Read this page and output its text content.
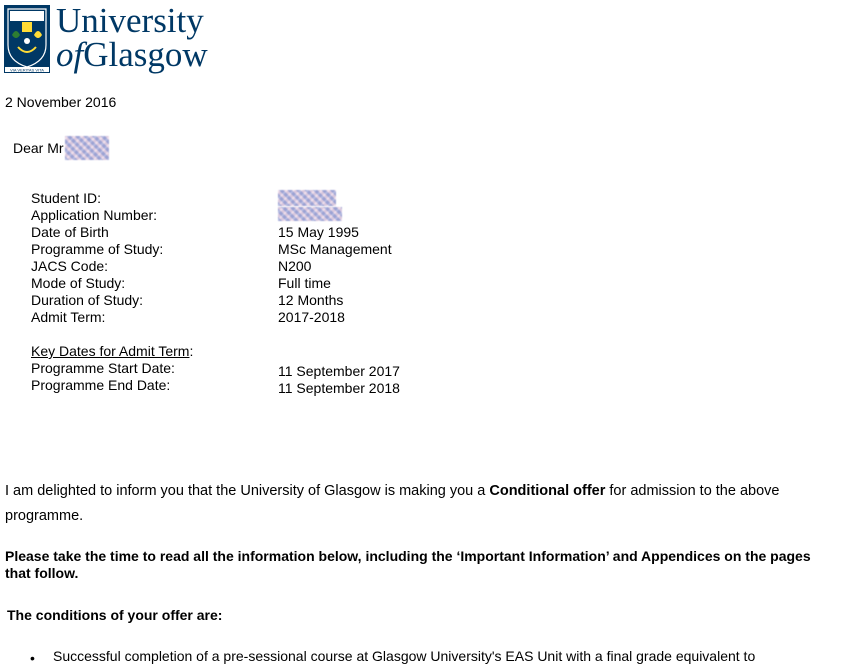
VIA VERITAS VITA
University
ofGlasgow
2 November 2016
Dear Mr
Student ID:
Application Number:
Date of Birth	15 May 1995
Programme of Study:	MSc Management
JACS Code:	N200
Mode of Study:	Full time
Duration of Study:	12 Months
Admit Term:	2017-2018
Key Dates for Admit Term:
Programme Start Date:	11 September 2017
Programme End Date:	11 September 2018
I am delighted to inform you that the University of Glasgow is making you a Conditional offer for admission to the above programme.
Please take the time to read all the information below, including the ‘Important Information’ and Appendices on the pages that follow.
The conditions of your offer are:
• Successful completion of a pre-sessional course at Glasgow University's EAS Unit with a final grade equivalent to
